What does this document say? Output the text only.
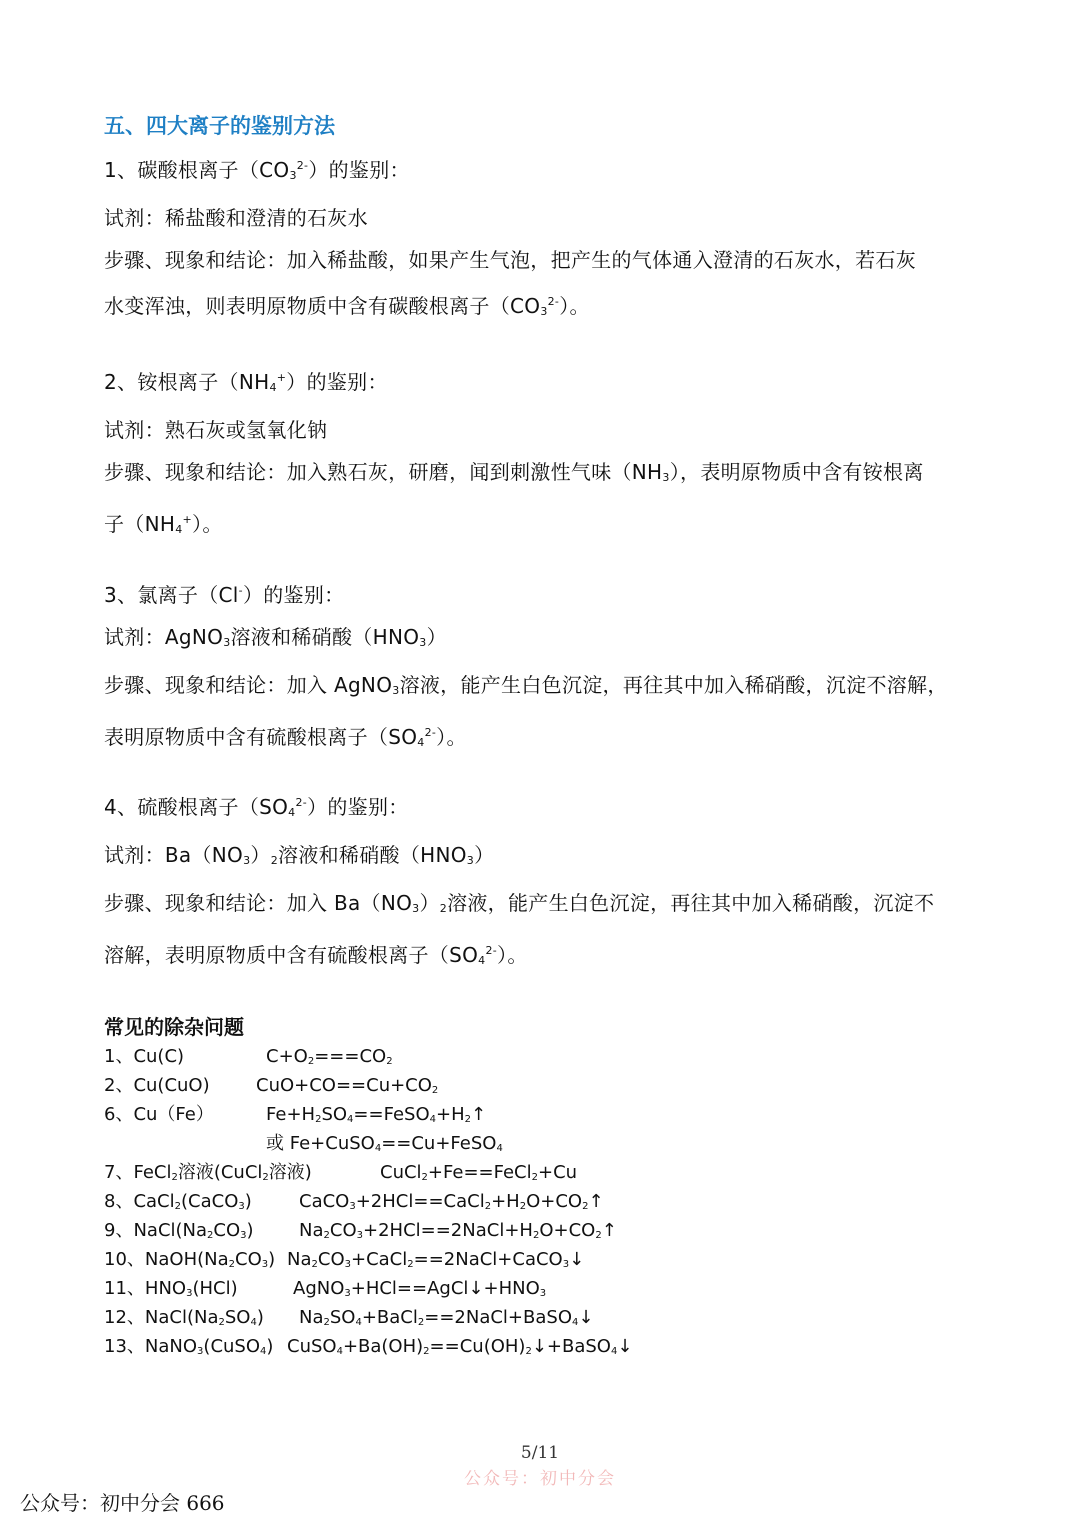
五、四大离子的鉴别方法
1、碳酸根离子$(CO_3^{2-})$的鉴别：
试剂：稀盐酸和澄清的石灰水
步骤、现象和结论：加入稀盐酸，如果产生气泡，把产生的气体通入澄清的石灰水，若石灰
水变浑浊，则表明原物质中含有碳酸根离子$(CO_3^{2-})$。
2、铵根离子$(NH_4^+)$的鉴别：
试剂：熟石灰或氢氧化钠
步骤、现象和结论：加入熟石灰，研磨，闻到刺激性气味$(NH_3)$，表明原物质中含有铵根离
子$(NH_4^+)$。
3、氯离子（Cl-）的鉴别：
试剂：AgNO$_3$溶液和稀硝酸$(HNO_3)$
步骤、现象和结论：加入 AgNO$_3$溶液，能产生白色沉淀，再往其中加入稀硝酸，沉淀不溶解，
表明原物质中含有硫酸根离子$(SO_4^{2-})$。
4、硫酸根离子$(SO_4^{2-})$的鉴别：
试剂：$Ba(NO_3)_2$溶液和稀硝酸$(HNO_3)$
步骤、现象和结论：加入 $Ba(NO_3)_2$溶液，能产生白色沉淀，再往其中加入稀硝酸，沉淀不
溶解，表明原物质中含有硫酸根离子$(SO_4^{2-})$。
常见的除杂问题
1、Cu(C)	$C+O_2===CO_2$
2、Cu(CuO)	$CuO+CO==Cu+CO_2$
6、Cu（Fe）	$Fe+H_2SO_4==FeSO_4+H_2↑$
或 Fe+CuSO$_4$==Cu+FeSO$_4$
7、FeCl$_2$溶液(CuCl$_2$溶液)	CuCl$_2$+Fe==FeCl$_2$+Cu
8、CaCl$_2$(CaCO$_3$)	$CaCO_3+2HCl==CaCl_2+H_2O+CO_2↑$
9、$NaCl(Na_2CO_3)$	$Na_2CO_3+2HCl==2NaCl+H_2O+CO_2↑$
10、$NaOH(Na_2CO_3)$ $Na_2CO_3+CaCl_2==2NaCl+CaCO_3↓$
11、$HNO_3(HCl)$	$AgNO_3+HCl==AgCl↓+HNO_3$
12、$NaCl(Na_2SO_4)$ $Na_2SO_4+BaCl_2==2NaCl+BaSO_4↓$
13、NaNO$_3$(CuSO$_4$) $CuSO_4+Ba(OH)_2==Cu(OH)_2↓+BaSO_4↓$
5/11
公众号：初中分会
公众号：初中分会 666
